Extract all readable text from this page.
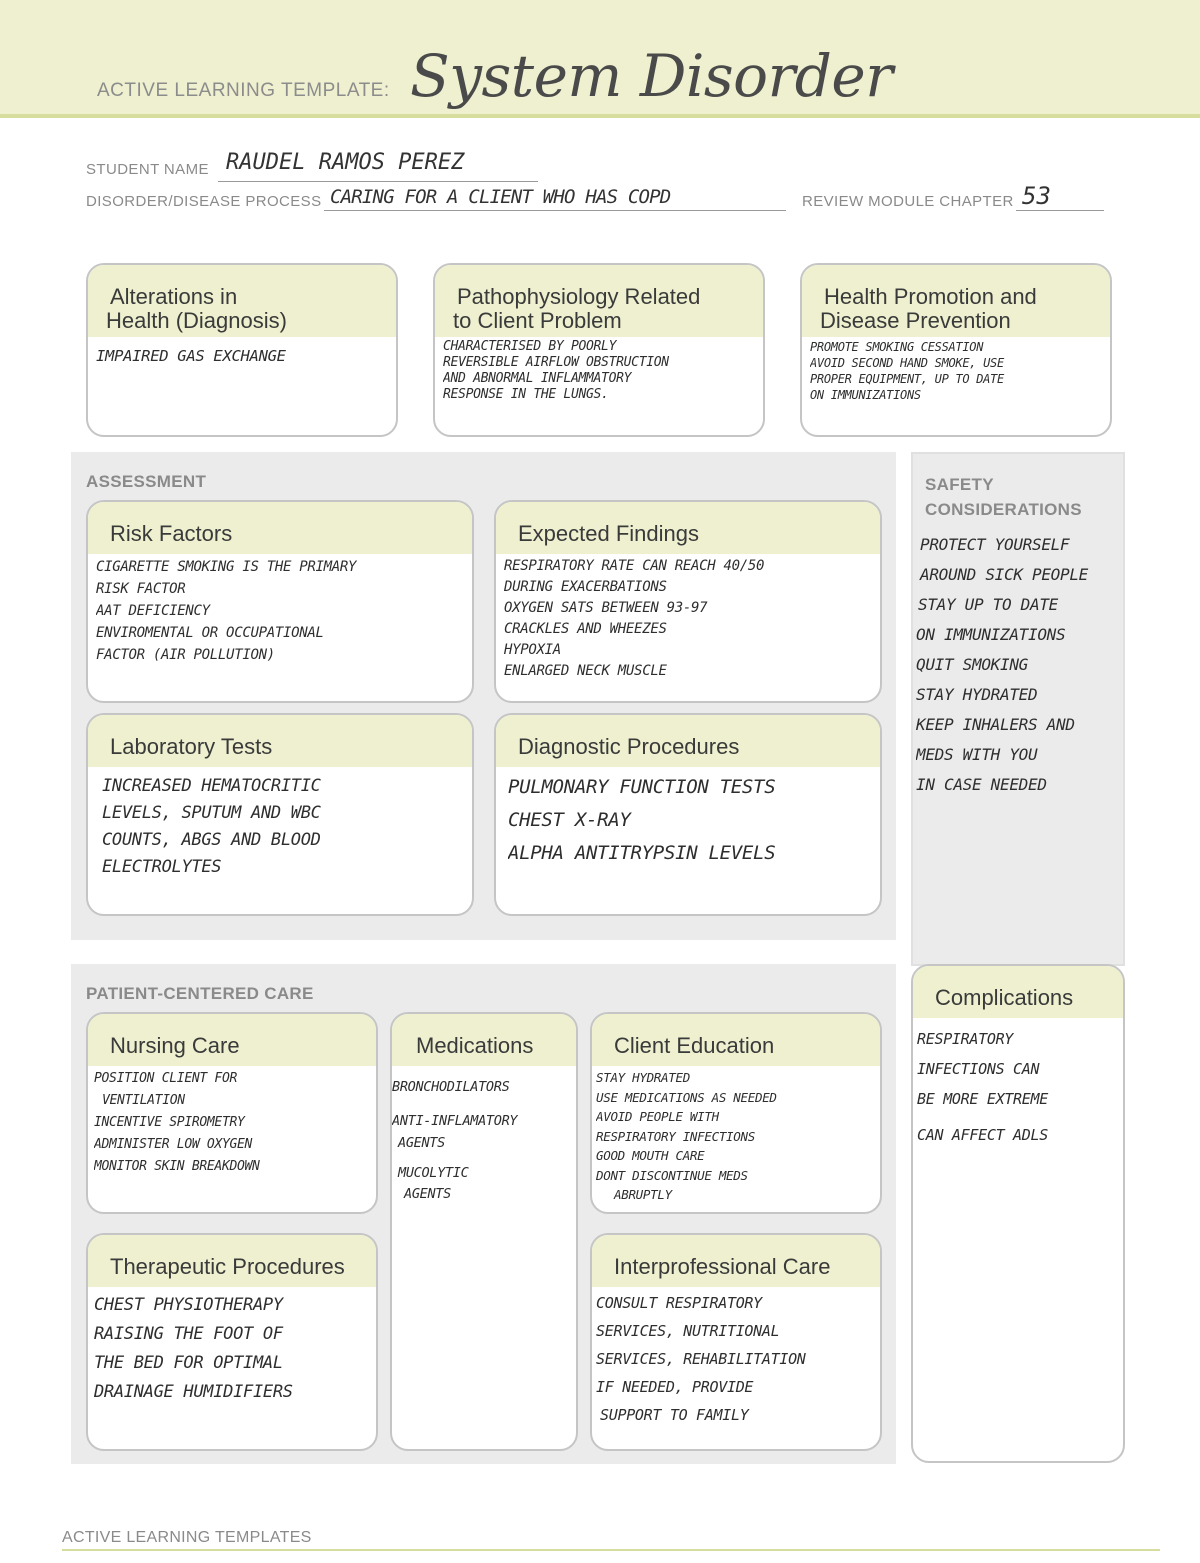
ACTIVE LEARNING TEMPLATE: System Disorder
STUDENT NAME RAUDEL RAMOS PEREZ
DISORDER/DISEASE PROCESS CARING FOR A CLIENT WHO HAS COPD	REVIEW MODULE CHAPTER 53
Alterations in
Health (Diagnosis)
IMPAIRED GAS EXCHANGE
Pathophysiology Related
to Client Problem
CHARACTERISED BY POORLY
REVERSIBLE AIRFLOW OBSTRUCTION
AND ABNORMAL INFLAMMATORY
RESPONSE IN THE LUNGS.
Health Promotion and
Disease Prevention
PROMOTE SMOKING CESSATION
AVOID SECOND HAND SMOKE, USE
PROPER EQUIPMENT, UP TO DATE
ON IMMUNIZATIONS
ASSESSMENT
Risk Factors
CIGARETTE SMOKING IS THE PRIMARY
RISK FACTOR
AAT DEFICIENCY
ENVIROMENTAL OR OCCUPATIONAL
FACTOR (AIR POLLUTION)
Expected Findings
RESPIRATORY RATE CAN REACH 40/50
DURING EXACERBATIONS
OXYGEN SATS BETWEEN 93-97
CRACKLES AND WHEEZES
HYPOXIA
ENLARGED NECK MUSCLE
Laboratory Tests
INCREASED HEMATOCRITIC
LEVELS, SPUTUM AND WBC
COUNTS, ABGS AND BLOOD
ELECTROLYTES
Diagnostic Procedures
PULMONARY FUNCTION TESTS
CHEST X-RAY
ALPHA ANTITRYPSIN LEVELS
SAFETY
CONSIDERATIONS
PROTECT YOURSELF
AROUND SICK PEOPLE
STAY UP TO DATE
ON IMMUNIZATIONS
QUIT SMOKING
STAY HYDRATED
KEEP INHALERS AND
MEDS WITH YOU
IN CASE NEEDED
PATIENT-CENTERED CARE
Nursing Care
POSITION CLIENT FOR
VENTILATION
INCENTIVE SPIROMETRY
ADMINISTER LOW OXYGEN
MONITOR SKIN BREAKDOWN
Medications
BRONCHODILATORS
ANTI-INFLAMATORY
AGENTS
MUCOLYTIC
AGENTS
Client Education
STAY HYDRATED
USE MEDICATIONS AS NEEDED
AVOID PEOPLE WITH
RESPIRATORY INFECTIONS
GOOD MOUTH CARE
DONT DISCONTINUE MEDS
ABRUPTLY
Therapeutic Procedures
CHEST PHYSIOTHERAPY
RAISING THE FOOT OF
THE BED FOR OPTIMAL
DRAINAGE HUMIDIFIERS
Interprofessional Care
CONSULT RESPIRATORY
SERVICES, NUTRITIONAL
SERVICES, REHABILITATION
IF NEEDED, PROVIDE
SUPPORT TO FAMILY
Complications
RESPIRATORY
INFECTIONS CAN
BE MORE EXTREME
CAN AFFECT ADLS
ACTIVE LEARNING TEMPLATES
